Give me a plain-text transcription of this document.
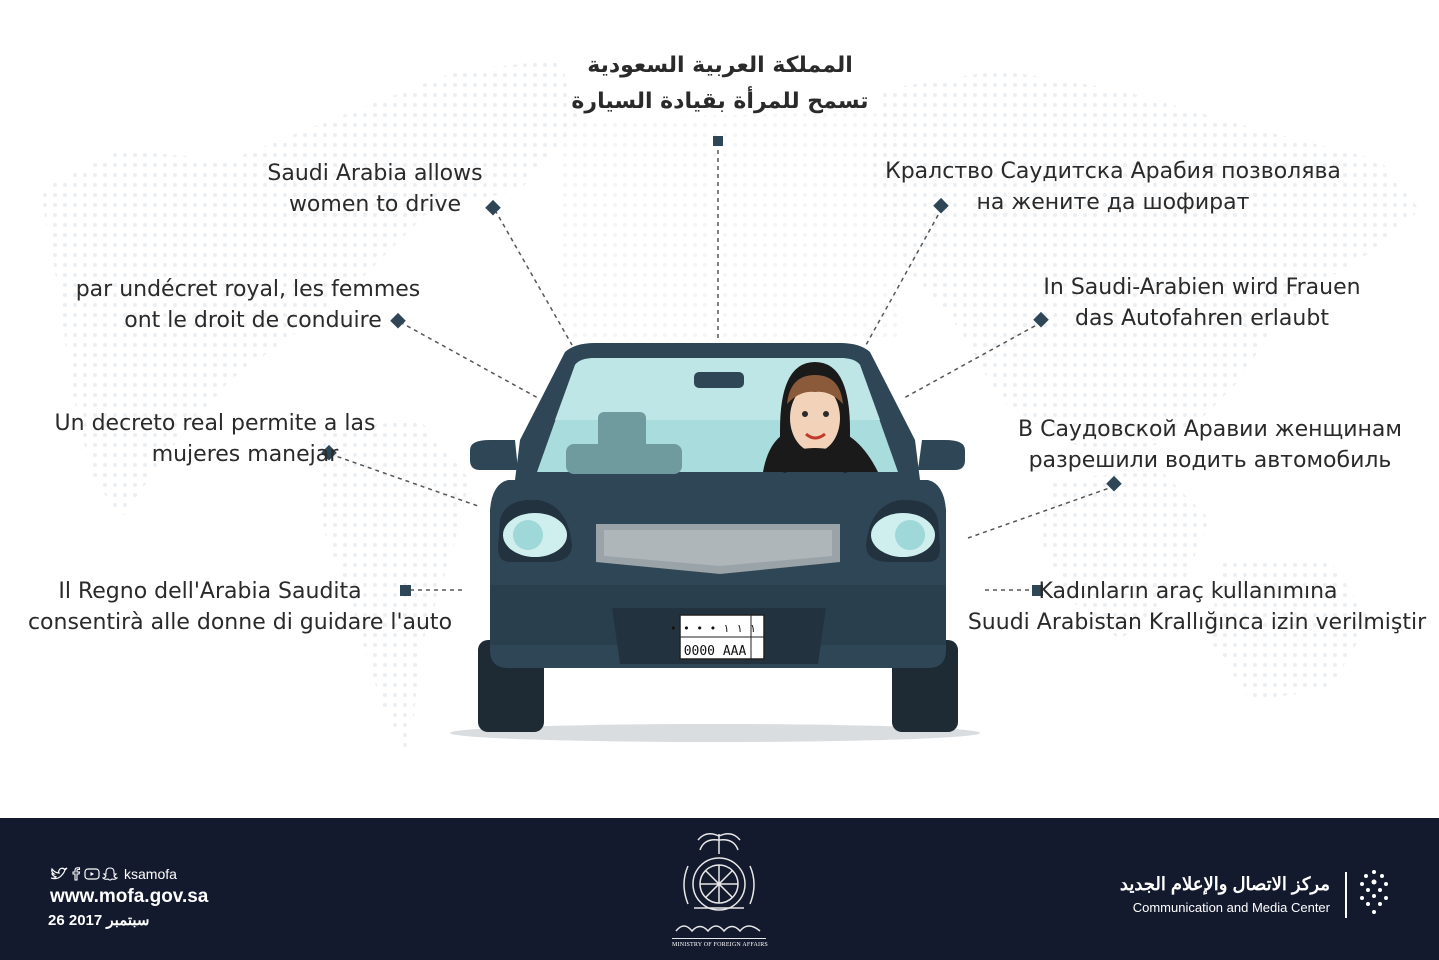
• • • • ١ ١ ١
0000 AAA
المملكة العربية السعودية
تسمح للمرأة بقيادة السيارة
Saudi Arabia allows
women to drive
par undécret royal, les femmes
ont le droit de conduire
Un decreto real permite a las
mujeres manejar
Il Regno dell'Arabia Saudita
consentirà alle donne di guidare l'auto
Кралство Саудитска Арабия позволява
на жените да шофират
In Saudi-Arabien wird Frauen
das Autofahren erlaubt
В Саудовской Аравии женщинам
разрешили водить автомобиль
Kadınların araç kullanımına
Suudi Arabistan Krallığınca izin verilmiştir
ksamofa
www.mofa.gov.sa
26 سبتمبر 2017
MINISTRY OF FOREIGN AFFAIRS
مركز الاتصال والإعلام الجديد
Communication and Media Center
